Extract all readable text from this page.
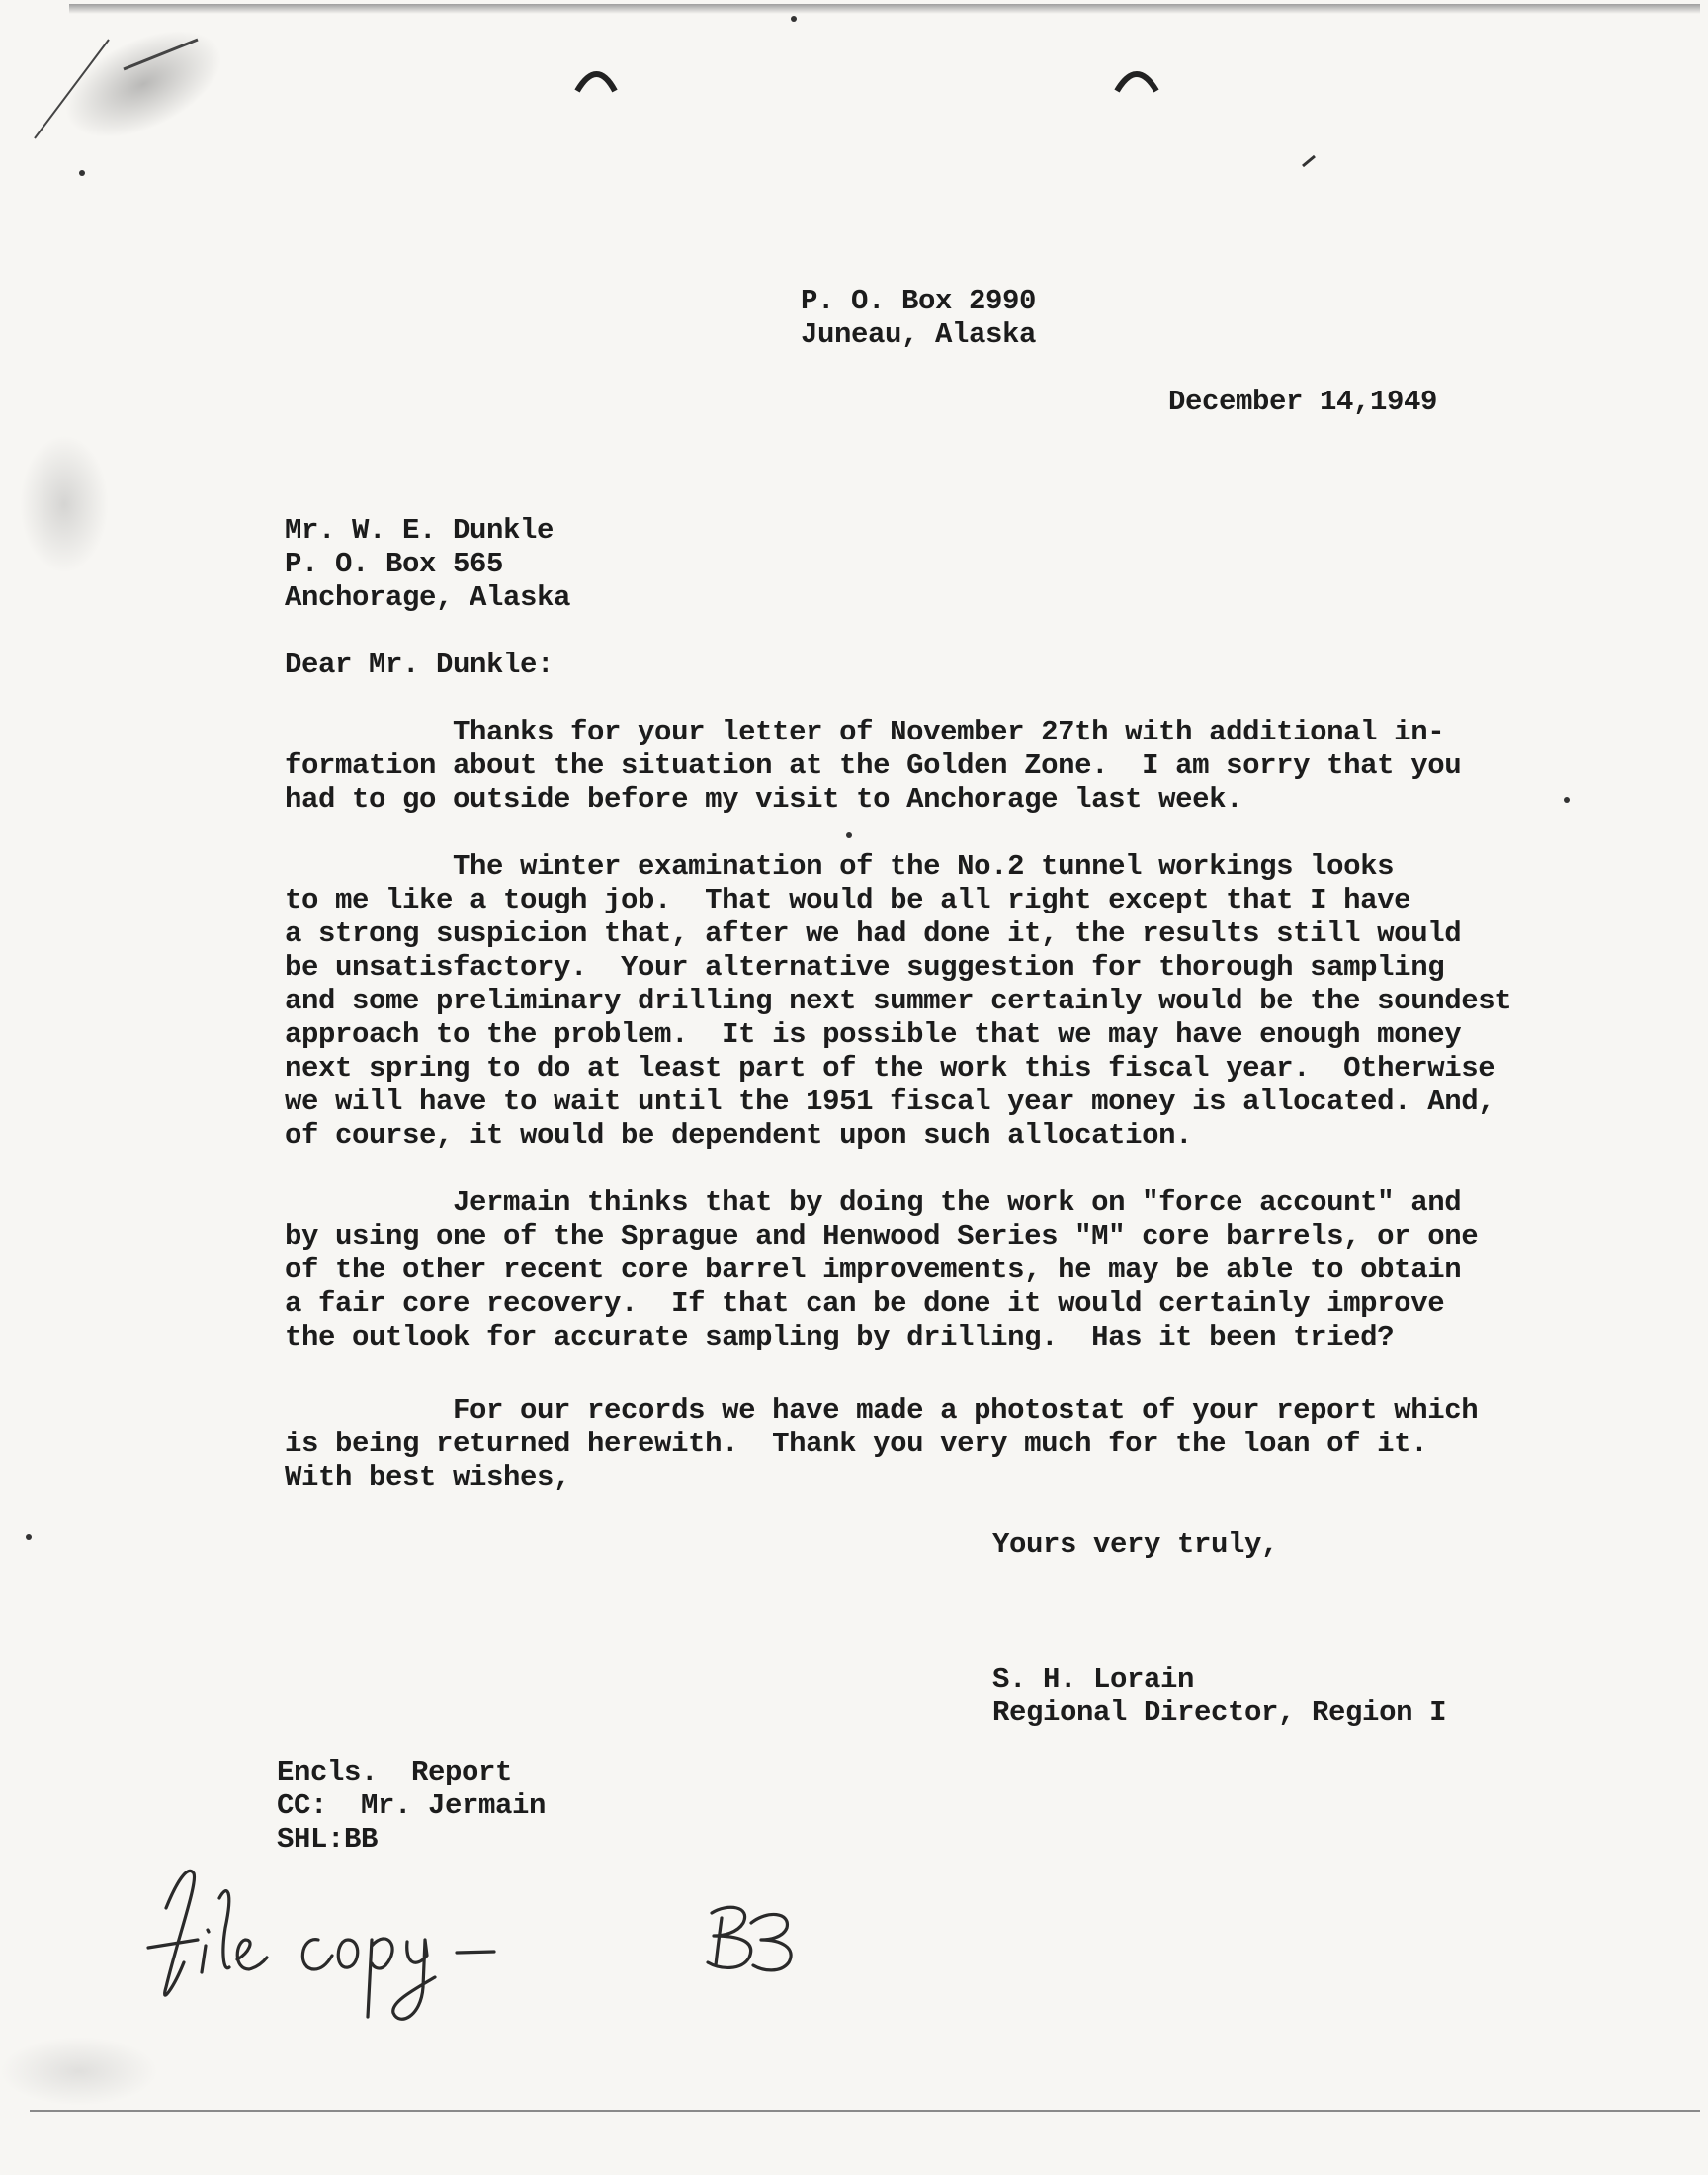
P. O. Box 2990
Juneau, Alaska
December 14,1949
Mr. W. E. Dunkle
P. O. Box 565
Anchorage, Alaska
Dear Mr. Dunkle:
Thanks for your letter of November 27th with additional in-
formation about the situation at the Golden Zone.  I am sorry that you
had to go outside before my visit to Anchorage last week.
The winter examination of the No.2 tunnel workings looks
to me like a tough job.  That would be all right except that I have
a strong suspicion that, after we had done it, the results still would
be unsatisfactory.  Your alternative suggestion for thorough sampling
and some preliminary drilling next summer certainly would be the soundest
approach to the problem.  It is possible that we may have enough money
next spring to do at least part of the work this fiscal year.  Otherwise
we will have to wait until the 1951 fiscal year money is allocated. And,
of course, it would be dependent upon such allocation.
Jermain thinks that by doing the work on "force account" and
by using one of the Sprague and Henwood Series "M" core barrels, or one
of the other recent core barrel improvements, he may be able to obtain
a fair core recovery.  If that can be done it would certainly improve
the outlook for accurate sampling by drilling.  Has it been tried?
For our records we have made a photostat of your report which
is being returned herewith.  Thank you very much for the loan of it.
With best wishes,
Yours very truly,
S. H. Lorain
Regional Director, Region I
Encls.  Report
CC:  Mr. Jermain
SHL:BB
